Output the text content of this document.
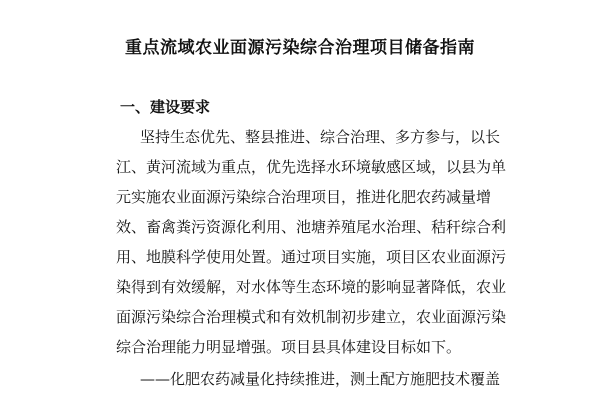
重点流域农业面源污染综合治理项目储备指南
一、建设要求
坚持生态优先、整县推进、综合治理、多方参与，以长
江、黄河流域为重点，优先选择水环境敏感区域，以县为单
元实施农业面源污染综合治理项目，推进化肥农药减量增
效、畜禽粪污资源化利用、池塘养殖尾水治理、秸秆综合利
用、地膜科学使用处置。通过项目实施，项目区农业面源污
染得到有效缓解，对水体等生态环境的影响显著降低，农业
面源污染综合治理模式和有效机制初步建立，农业面源污染
综合治理能力明显增强。项目县具体建设目标如下。
——化肥农药减量化持续推进，测土配方施肥技术覆盖
